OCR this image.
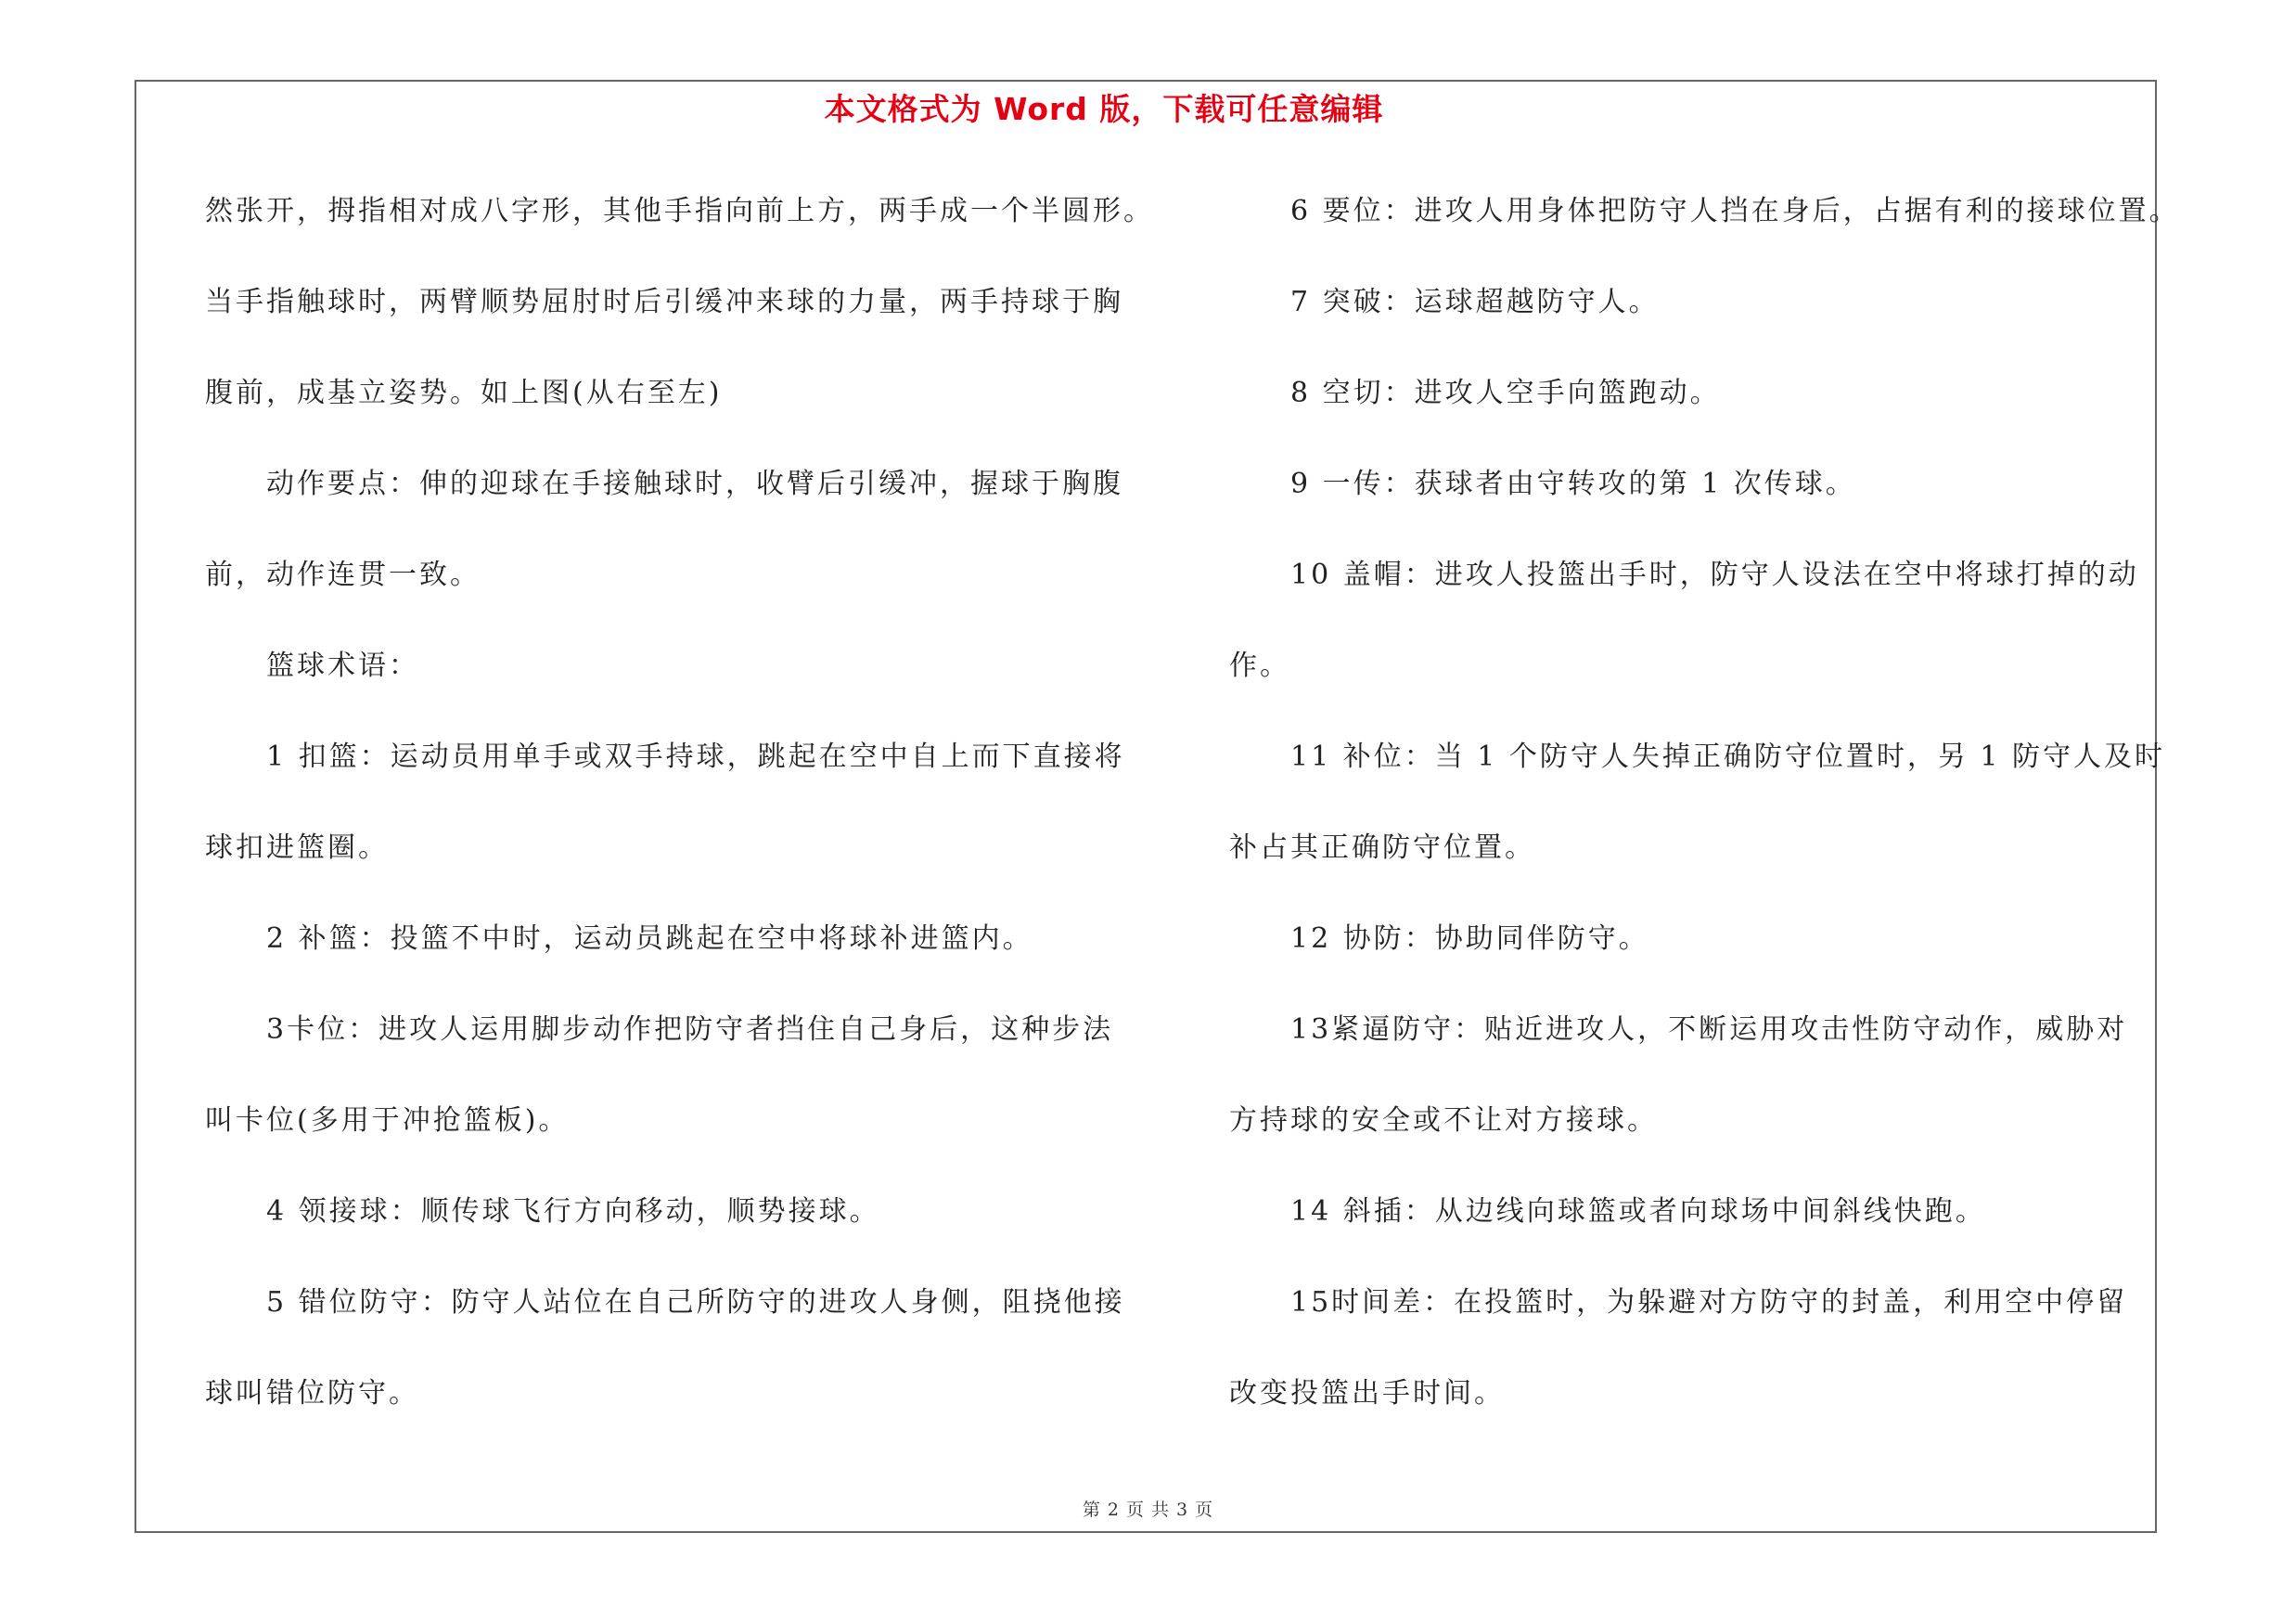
本文格式为 Word 版，下载可任意编辑
然张开，拇指相对成八字形，其他手指向前上方，两手成一个半圆形。
当手指触球时，两臂顺势屈肘时后引缓冲来球的力量，两手持球于胸
腹前，成基立姿势。如上图(从右至左)
　　动作要点：伸的迎球在手接触球时，收臂后引缓冲，握球于胸腹
前，动作连贯一致。
　　篮球术语：
　　1 扣篮：运动员用单手或双手持球，跳起在空中自上而下直接将
球扣进篮圈。
　　2 补篮：投篮不中时，运动员跳起在空中将球补进篮内。
　　3卡位：进攻人运用脚步动作把防守者挡住自己身后，这种步法
叫卡位(多用于冲抢篮板)。
　　4 领接球：顺传球飞行方向移动，顺势接球。
　　5 错位防守：防守人站位在自己所防守的进攻人身侧，阻挠他接
球叫错位防守。
　　6 要位：进攻人用身体把防守人挡在身后，占据有利的接球位置。
　　7 突破：运球超越防守人。
　　8 空切：进攻人空手向篮跑动。
　　9 一传：获球者由守转攻的第 1 次传球。
　　10 盖帽：进攻人投篮出手时，防守人设法在空中将球打掉的动
作。
　　11 补位：当 1 个防守人失掉正确防守位置时，另 1 防守人及时
补占其正确防守位置。
　　12 协防：协助同伴防守。
　　13紧逼防守：贴近进攻人，不断运用攻击性防守动作，威胁对
方持球的安全或不让对方接球。
　　14 斜插：从边线向球篮或者向球场中间斜线快跑。
　　15时间差：在投篮时，为躲避对方防守的封盖，利用空中停留
改变投篮出手时间。
第 2 页 共 3 页
